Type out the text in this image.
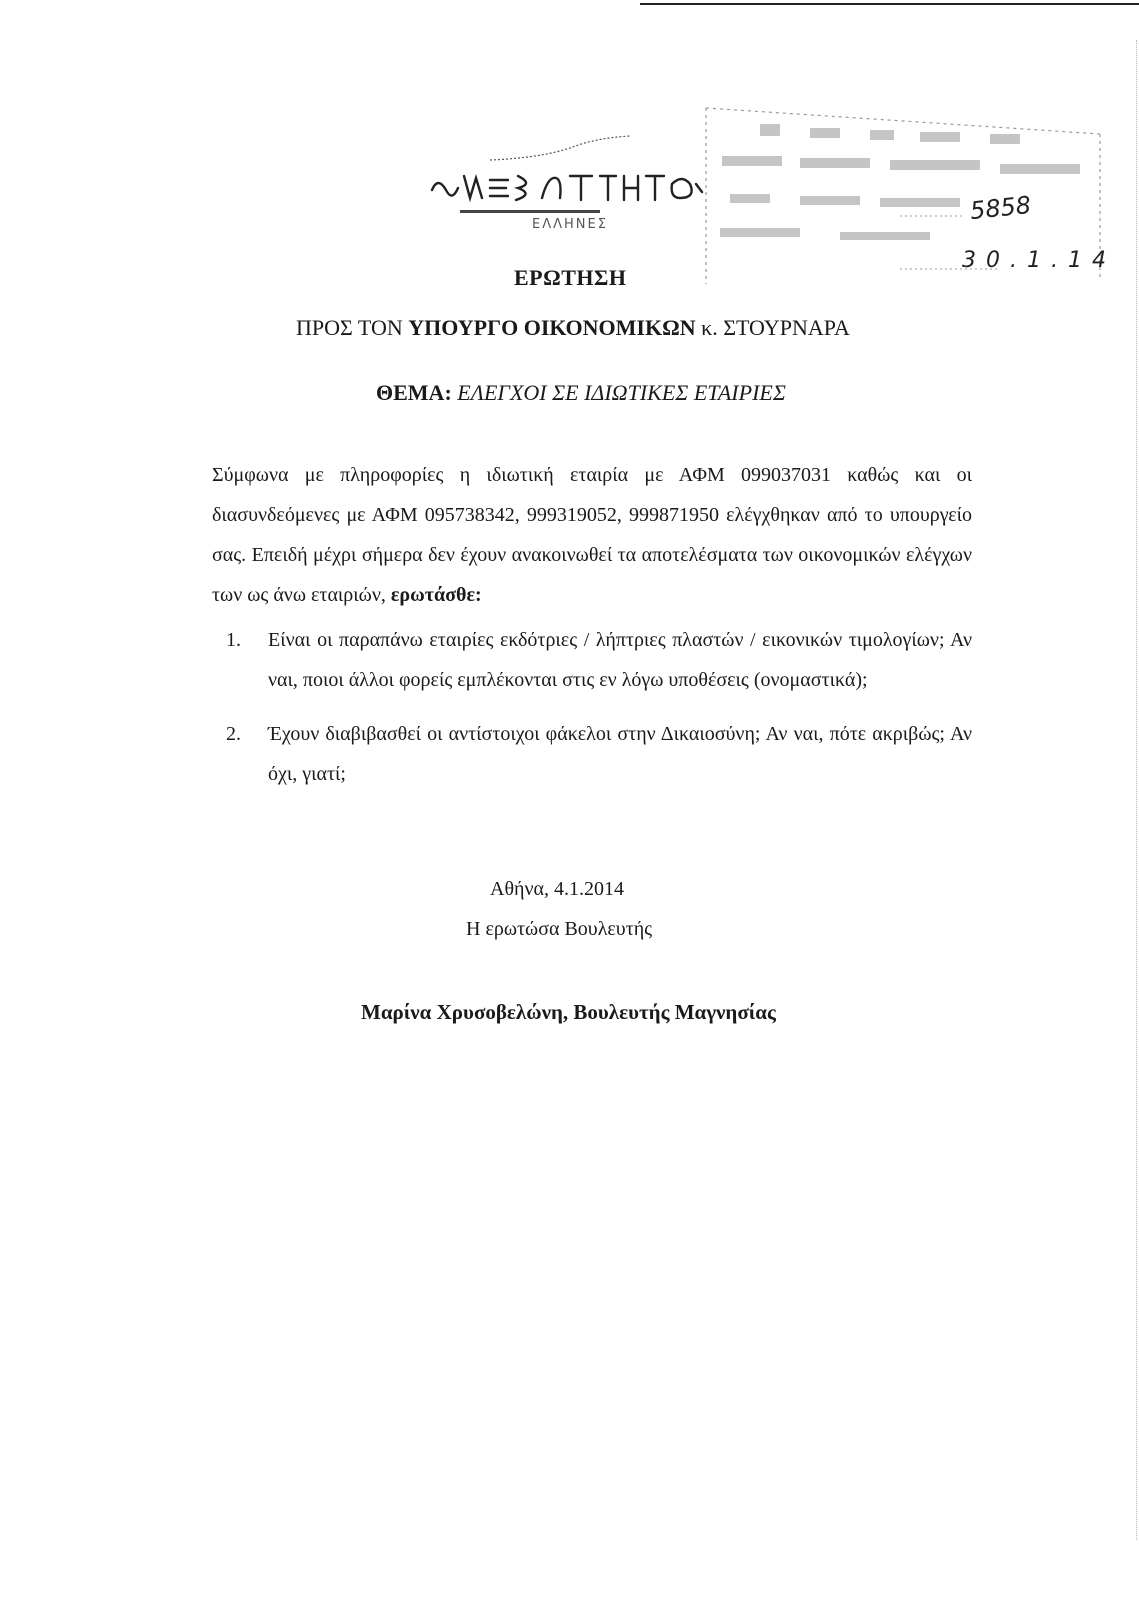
ΕΛΛΗΝΕΣ	5858
30.1.14
ΕΡΩΤΗΣΗ
ΠΡΟΣ ΤΟΝ ΥΠΟΥΡΓΟ ΟΙΚΟΝΟΜΙΚΩΝ κ. ΣΤΟΥΡΝΑΡΑ
ΘΕΜΑ: ΕΛΕΓΧΟΙ ΣΕ ΙΔΙΩΤΙΚΕΣ ΕΤΑΙΡΙΕΣ

Σύμφωνα με πληροφορίες η ιδιωτική εταιρία με ΑΦΜ 099037031 καθώς και οι διασυνδεόμενες με ΑΦΜ 095738342, 999319052, 999871950 ελέγχθηκαν από το υπουργείο σας. Επειδή μέχρι σήμερα δεν έχουν ανακοινωθεί τα αποτελέσματα των οικονομικών ελέγχων των ως άνω εταιριών, ερωτάσθε:

1. Είναι οι παραπάνω εταιρίες εκδότριες / λήπτριες πλαστών / εικονικών τιμολογίων; Αν ναι, ποιοι άλλοι φορείς εμπλέκονται στις εν λόγω υποθέσεις (ονομαστικά);
2. Έχουν διαβιβασθεί οι αντίστοιχοι φάκελοι στην Δικαιοσύνη; Αν ναι, πότε ακριβώς; Αν όχι, γιατί;
Αθήνα, 4.1.2014
Η ερωτώσα Βουλευτής
Μαρίνα Χρυσοβελώνη, Βουλευτής Μαγνησίας
